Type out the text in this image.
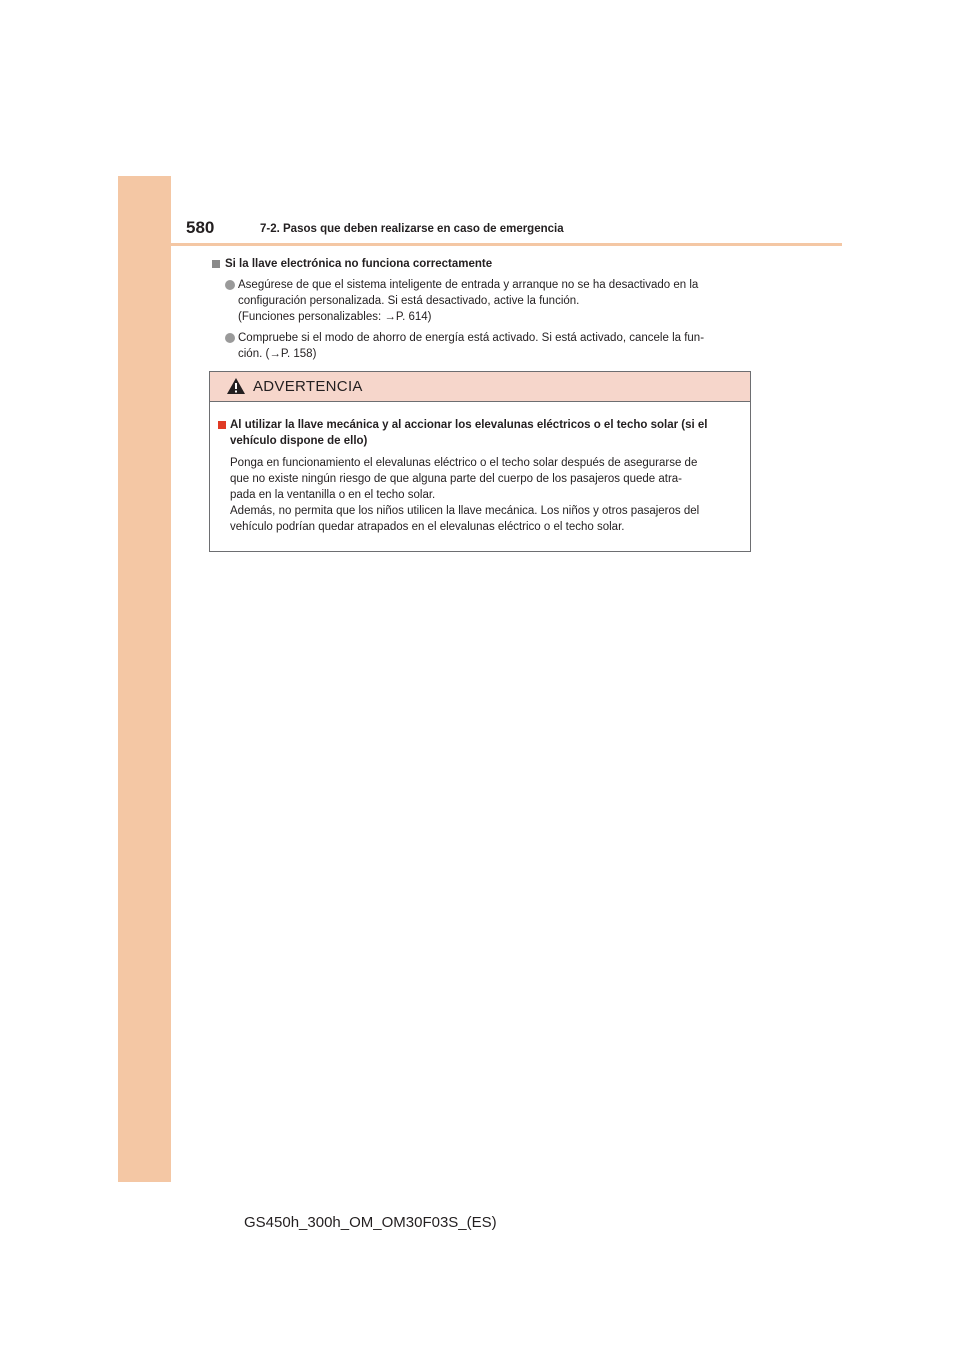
580	7-2. Pasos que deben realizarse en caso de emergencia
Si la llave electrónica no funciona correctamente
Asegúrese de que el sistema inteligente de entrada y arranque no se ha desactivado en la
configuración personalizada. Si está desactivado, active la función.
(Funciones personalizables: →P. 614)
Compruebe si el modo de ahorro de energía está activado. Si está activado, cancele la fun-
ción. (→P. 158)
ADVERTENCIA
Al utilizar la llave mecánica y al accionar los elevalunas eléctricos o el techo solar (si el
vehículo dispone de ello)
Ponga en funcionamiento el elevalunas eléctrico o el techo solar después de asegurarse de
que no existe ningún riesgo de que alguna parte del cuerpo de los pasajeros quede atra-
pada en la ventanilla o en el techo solar.
Además, no permita que los niños utilicen la llave mecánica. Los niños y otros pasajeros del
vehículo podrían quedar atrapados en el elevalunas eléctrico o el techo solar.
GS450h_300h_OM_OM30F03S_(ES)
